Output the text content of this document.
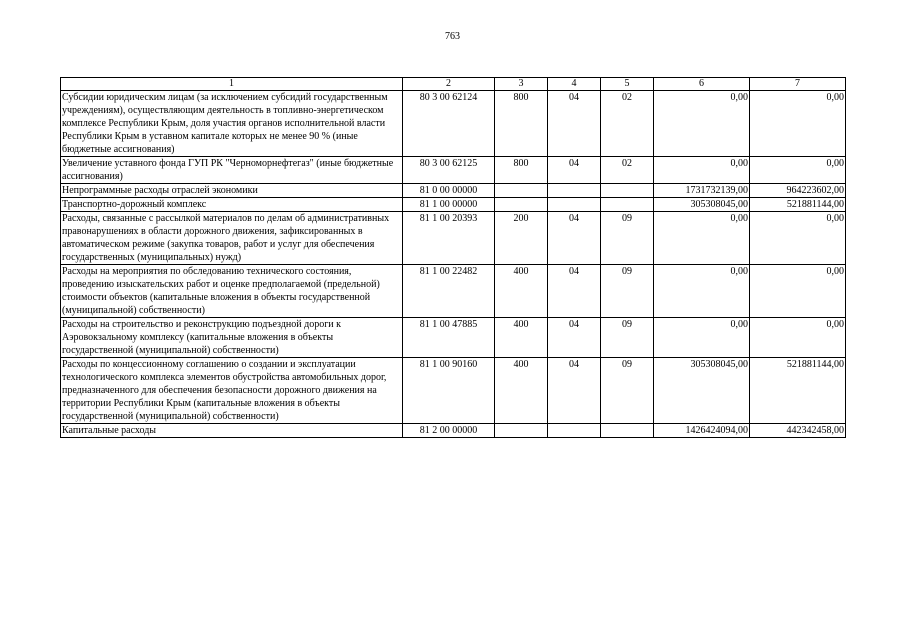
763
1	2	3	4	5	6	7
Субсидии юридическим лицам (за исключением субсидий государственным учреждениям), осуществляющим деятельность в топливно-энергетическом комплексе Республики Крым, доля участия органов исполнительной власти Республики Крым в уставном капитале которых не менее 90 % (иные бюджетные ассигнования)	80 3 00 62124	800	04	02	0,00	0,00
Увеличение уставного фонда ГУП РК "Черноморнефтегаз" (иные бюджетные ассигнования)	80 3 00 62125	800	04	02	0,00	0,00
Непрограммные расходы отраслей экономики	81 0 00 00000				1731732139,00	964223602,00
Транспортно-дорожный комплекс	81 1 00 00000				305308045,00	521881144,00
Расходы, связанные с рассылкой материалов по делам об административных правонарушениях в области дорожного движения, зафиксированных в автоматическом режиме (закупка товаров, работ и услуг для обеспечения государственных (муниципальных) нужд)	81 1 00 20393	200	04	09	0,00	0,00
Расходы на мероприятия по обследованию технического состояния, проведению изыскательских работ и оценке предполагаемой (предельной) стоимости объектов (капитальные вложения в объекты государственной (муниципальной) собственности)	81 1 00 22482	400	04	09	0,00	0,00
Расходы на строительство и реконструкцию подъездной дороги к Аэровокзальному комплексу (капитальные вложения в объекты государственной (муниципальной) собственности)	81 1 00 47885	400	04	09	0,00	0,00
Расходы по концессионному соглашению о создании и эксплуатации технологического комплекса элементов обустройства автомобильных дорог, предназначенного для обеспечения безопасности дорожного движения на территории Республики Крым (капитальные вложения в объекты государственной (муниципальной) собственности)	81 1 00 90160	400	04	09	305308045,00	521881144,00
Капитальные расходы	81 2 00 00000				1426424094,00	442342458,00
